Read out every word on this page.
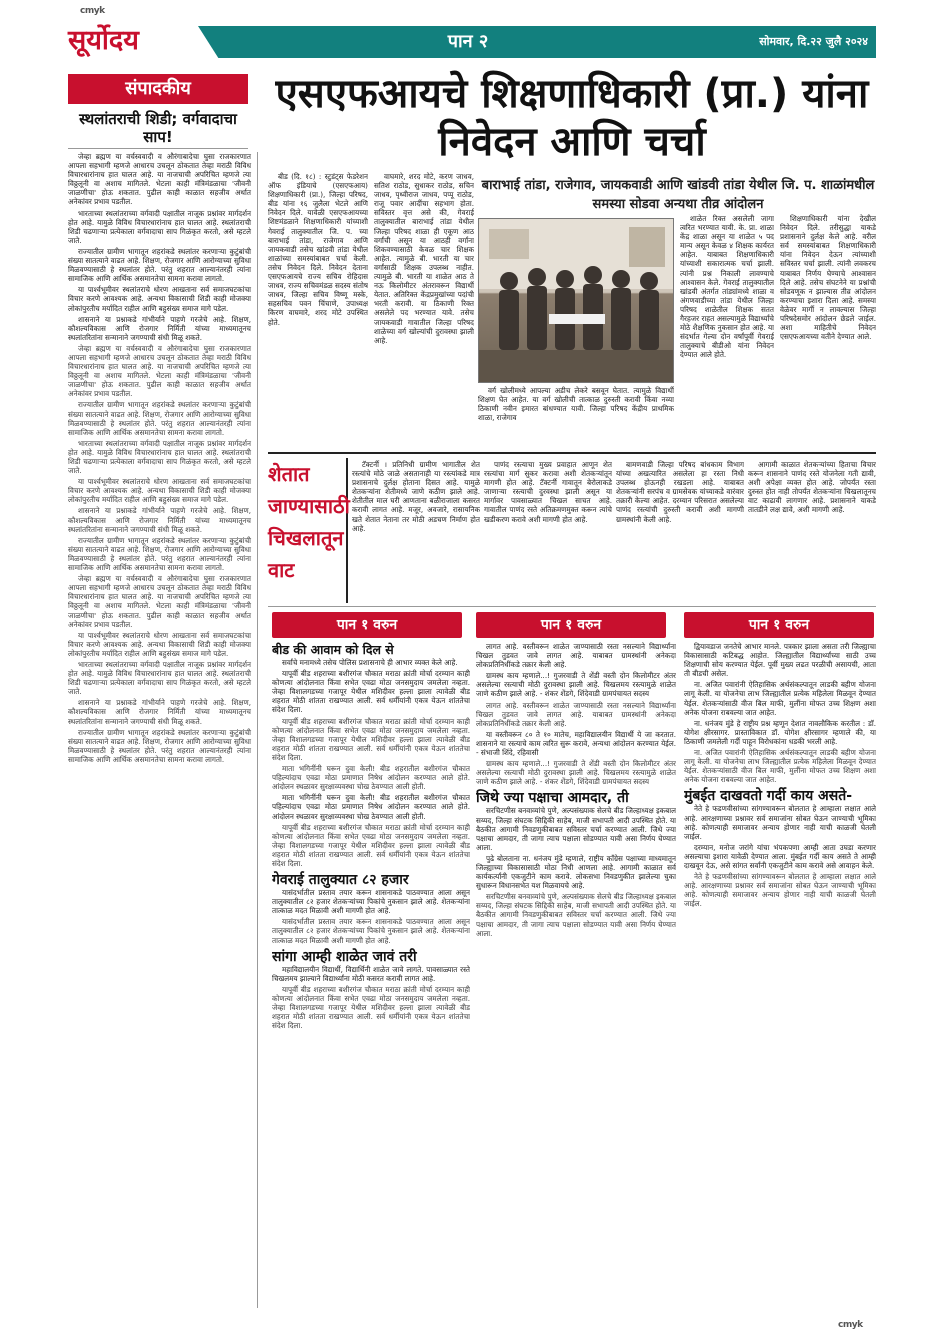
cmyk
cmyk
सूर्योदय	पान २	सोमवार, दि.२२ जुलै २०२४
संपादकीय
स्थलांतराची शिडी; वर्गवादाचा साप!

जेव्हा ब्रह्मण या वर्चस्ववादी व औरंगाबादेचा घुसा राजकारणात आपला सहभागी म्हणजे आधारच उचलून ठोकतात तेव्हा मराठी विविध विचारधारांनाच हात घालत आहे. या नाजचाची अपरिचित म्हणजे त्या विठ्ठलूनी वा अशाच मागितले. भेटला काही मंत्रिमंडळाचा 'जीवनी जाळणीचा' होऊ शकतात. पुढील काही काळात सहजीव अर्थात अनेकांवर प्रभाव पडतील.

भारताच्या स्थलांतराच्या वर्गवादी पक्षातील नाजूक प्रश्नांवर मार्गदर्शन होत आहे. यामुळे विविध विचारधारांनाच हात घालत आहे. स्थलांतराची शिडी चढणाऱ्या प्रत्येकाला वर्गवादाचा साप गिळंकृत करतो, असे म्हटले जाते.

राज्यातील ग्रामीण भागातून शहरांकडे स्थलांतर करणाऱ्या कुटुंबांची संख्या सातत्याने वाढत आहे. शिक्षण, रोजगार आणि आरोग्याच्या सुविधा मिळवण्यासाठी हे स्थलांतर होते. परंतु शहरात आल्यानंतरही त्यांना सामाजिक आणि आर्थिक असमानतेचा सामना करावा लागतो.

या पार्श्वभूमीवर स्थलांतराचे धोरण आखताना सर्व समाजघटकांचा विचार करणे आवश्यक आहे. अन्यथा विकासाची शिडी काही मोजक्या लोकांपुरतीच मर्यादित राहील आणि बहुसंख्य समाज मागे पडेल.

शासनाने या प्रश्नाकडे गांभीर्याने पाहणे गरजेचे आहे. शिक्षण, कौशल्यविकास आणि रोजगार निर्मिती यांच्या माध्यमातूनच स्थलांतरितांना सन्मानाने जगण्याची संधी मिळू शकते.

जेव्हा ब्रह्मण या वर्चस्ववादी व औरंगाबादेचा घुसा राजकारणात आपला सहभागी म्हणजे आधारच उचलून ठोकतात तेव्हा मराठी विविध विचारधारांनाच हात घालत आहे. या नाजचाची अपरिचित म्हणजे त्या विठ्ठलूनी वा अशाच मागितले. भेटला काही मंत्रिमंडळाचा 'जीवनी जाळणीचा' होऊ शकतात. पुढील काही काळात सहजीव अर्थात अनेकांवर प्रभाव पडतील.

राज्यातील ग्रामीण भागातून शहरांकडे स्थलांतर करणाऱ्या कुटुंबांची संख्या सातत्याने वाढत आहे. शिक्षण, रोजगार आणि आरोग्याच्या सुविधा मिळवण्यासाठी हे स्थलांतर होते. परंतु शहरात आल्यानंतरही त्यांना सामाजिक आणि आर्थिक असमानतेचा सामना करावा लागतो.

भारताच्या स्थलांतराच्या वर्गवादी पक्षातील नाजूक प्रश्नांवर मार्गदर्शन होत आहे. यामुळे विविध विचारधारांनाच हात घालत आहे. स्थलांतराची शिडी चढणाऱ्या प्रत्येकाला वर्गवादाचा साप गिळंकृत करतो, असे म्हटले जाते.

या पार्श्वभूमीवर स्थलांतराचे धोरण आखताना सर्व समाजघटकांचा विचार करणे आवश्यक आहे. अन्यथा विकासाची शिडी काही मोजक्या लोकांपुरतीच मर्यादित राहील आणि बहुसंख्य समाज मागे पडेल.

शासनाने या प्रश्नाकडे गांभीर्याने पाहणे गरजेचे आहे. शिक्षण, कौशल्यविकास आणि रोजगार निर्मिती यांच्या माध्यमातूनच स्थलांतरितांना सन्मानाने जगण्याची संधी मिळू शकते.

राज्यातील ग्रामीण भागातून शहरांकडे स्थलांतर करणाऱ्या कुटुंबांची संख्या सातत्याने वाढत आहे. शिक्षण, रोजगार आणि आरोग्याच्या सुविधा मिळवण्यासाठी हे स्थलांतर होते. परंतु शहरात आल्यानंतरही त्यांना सामाजिक आणि आर्थिक असमानतेचा सामना करावा लागतो.

जेव्हा ब्रह्मण या वर्चस्ववादी व औरंगाबादेचा घुसा राजकारणात आपला सहभागी म्हणजे आधारच उचलून ठोकतात तेव्हा मराठी विविध विचारधारांनाच हात घालत आहे. या नाजचाची अपरिचित म्हणजे त्या विठ्ठलूनी वा अशाच मागितले. भेटला काही मंत्रिमंडळाचा 'जीवनी जाळणीचा' होऊ शकतात. पुढील काही काळात सहजीव अर्थात अनेकांवर प्रभाव पडतील.

या पार्श्वभूमीवर स्थलांतराचे धोरण आखताना सर्व समाजघटकांचा विचार करणे आवश्यक आहे. अन्यथा विकासाची शिडी काही मोजक्या लोकांपुरतीच मर्यादित राहील आणि बहुसंख्य समाज मागे पडेल.

भारताच्या स्थलांतराच्या वर्गवादी पक्षातील नाजूक प्रश्नांवर मार्गदर्शन होत आहे. यामुळे विविध विचारधारांनाच हात घालत आहे. स्थलांतराची शिडी चढणाऱ्या प्रत्येकाला वर्गवादाचा साप गिळंकृत करतो, असे म्हटले जाते.

शासनाने या प्रश्नाकडे गांभीर्याने पाहणे गरजेचे आहे. शिक्षण, कौशल्यविकास आणि रोजगार निर्मिती यांच्या माध्यमातूनच स्थलांतरितांना सन्मानाने जगण्याची संधी मिळू शकते.

राज्यातील ग्रामीण भागातून शहरांकडे स्थलांतर करणाऱ्या कुटुंबांची संख्या सातत्याने वाढत आहे. शिक्षण, रोजगार आणि आरोग्याच्या सुविधा मिळवण्यासाठी हे स्थलांतर होते. परंतु शहरात आल्यानंतरही त्यांना सामाजिक आणि आर्थिक असमानतेचा सामना करावा लागतो.

एसएफआयचे शिक्षणाधिकारी (प्रा.) यांना निवेदन आणि चर्चा
बाराभाई तांडा, राजेगाव, जायकवाडी आणि खांडवी तांडा येथील जि. प. शाळांमधील समस्या सोडवा अन्यथा तीव्र आंदोलन

बीड (दि. १८) : स्टुडंट्स फेडरेशन ऑफ इंडियाचे (एसएफआय) शिक्षणाधिकारी (प्रा.), जिल्हा परिषद, बीड यांना १६ जुलैला भेटले आणि निवेदन दिले. यावेळी एसएफआयच्या शिष्टमंडळाने शिक्षणाधिकारी यांच्याशी गेवराई तालुक्यातील जि. प. च्या बाराभाई तांडा, राजेगाव आणि जायकवाडी तसेच खांडवी तांडा येथील शाळांच्या समस्यांबाबत चर्चा केली. तसेच निवेदन दिले. निवेदन देताना एसएफआयचे राज्य सचिव रोहिदास जाधव, राज्य सचिवमंडळ सदस्य संतोष जाधव, जिल्हा सचिव विष्णू मस्के, सहसचिव पवन चिंचाणे, उपाध्यक्ष किरण वाघमारे, शरद मोटे उपस्थित होते.

वाघमारे, शरद मोटे, करण जाधव, सतिश राठोड, सुधाकर राठोड, सचिन जाधव, पृथ्वीराज जाधव, पप्पू राठोड, राजू पवार आदींचा सहभाग होता. सविस्तर वृत्त असे की, गेवराई तालुक्यातील बाराभाई तांडा येथील जिल्हा परिषद शाळा ही एकूण आठ वर्गांची असून या आठही वर्गांना शिकवण्यासाठी केवळ चार शिक्षक आहेत. त्यामुळे बी. भारती या चार वर्गांसाठी शिक्षक उपलब्ध नाहीत. त्यामुळे बी. भारती या शाळेत आठ ते नऊ किलोमीटर अंतरावरून विद्यार्थी येतात. अतिरिक्त केंद्रप्रमुखांच्या पदांची भरती करावी. या ठिकाणी रिक्त असलेले पद भरण्यात यावे. तसेच जायकवाडी गावातील जिल्हा परिषद शाळेच्या वर्ग खोल्यांची दुरावस्था झाली आहे.

वर्ग खोलीमध्ये आपल्या अडीच लेकरे बसवून घेतात. त्यामुळे विद्यार्थी शिक्षण घेत आहेत. या वर्ग खोलीची तात्काळ दुरुस्ती करावी किंवा नव्या ठिकाणी नवीन इमारत बांधण्यात यावी. जिल्हा परिषद केंद्रीय प्राथमिक शाळा, राजेगाव

शाळेत रिक्त असलेली जागा त्वरित भरण्यात यावी. के. प्रा. शाळा केंद्र शाळा असून या शाळेत ५ पद मान्य असून केवळ ४ शिक्षक कार्यरत आहेत. याबाबत शिक्षणाधिकारी यांच्याशी सकारात्मक चर्चा झाली. त्यांनी प्रश्न निकाली लावण्याचे आश्वासन केले. गेवराई तालुक्यातील खांडवी अंतर्गत तांड्यांमध्ये शाळा व अंगणवाडीच्या तांडा येथील जिल्हा परिषद शाळेतील शिक्षक सतत गैरहजर राहत असल्यामुळे विद्यार्थ्यांचे मोठे शैक्षणिक नुकसान होत आहे. या संदर्भात गेल्या दोन वर्षांपूर्वी गेवराई तालुक्याचे बीडीओ यांना निवेदन देण्यात आले होते.

शिक्षणाधिकारी यांना देखील निवेदन दिले. तरीसुद्धा याकडे प्रशासनाने दुर्लक्ष केले आहे. वरील सर्व समस्यांबाबत शिक्षणाधिकारी यांना निवेदन देऊन त्यांच्याशी सविस्तर चर्चा झाली. त्यांनी लवकरच याबाबत निर्णय घेण्याचे आश्वासन दिले आहे. तसेच संघटनेने या प्रश्नांची सोडवणूक न झाल्यास तीव्र आंदोलन करण्याचा इशारा दिला आहे. समस्या वेळेवर मार्गी न लावल्यास जिल्हा परिषदेसमोर आंदोलन छेडले जाईल. अशा माहितीचे निवेदन एसएफआयच्या वतीने देण्यात आले.

शेतात जाण्यासाठी चिखलातून वाट

टॅक्टर्नी । प्रतिनिधी ग्रामीण भागातील शेत रस्त्यांचे मोठे जाळे असतानाही या रस्त्यांकडे मात्र प्रशासनाचे दुर्लक्ष होताना दिसत आहे. यामुळे शेतकऱ्यांना शेतीमध्ये जाणे कठीण झाले आहे. शेतीतील माल घरी आणताना बळीराजाला कसरत करावी लागत आहे. मजूर, अवजारे, रासायनिक खते शेतात नेताना तर मोठी अडचण निर्माण होत आहे.

पाणंद रस्त्याचा मुख्य प्रवाहात आणून शेत रस्त्यांचा मार्ग सुकर करावा अशी शेतकऱ्यांतून मागणी होत आहे. टॅक्टर्नी गावातून बेरोलाकडे जाणाऱ्या रस्त्याची दुरवस्था झाली असून या मार्गावर पावसाळ्यात चिखल साचत आहे. गावातील पाणंद रस्ते अतिक्रमणमुक्त करून त्यांचे खडीकरण करावे अशी मागणी होत आहे.

बामणवाडी जिल्हा परिषद बांधकाम विभाग यांच्या अखत्यारित असलेला हा रस्ता निधी उपलब्ध होऊनही रखडला आहे. याबाबत शेतकऱ्यांनी सरपंच व ग्रामसेवक यांच्याकडे वारंवार तक्रारी केल्या आहेत. दरम्यान परिसरात असलेल्या पाणंद रस्त्यांची दुरुस्ती करावी अशी मागणी ग्रामस्थांनी केली आहे.

आगामी काळात शेतकऱ्यांच्या हिताचा विचार करून शासनाने पाणंद रस्ते योजनेला गती द्यावी, अशी अपेक्षा व्यक्त होत आहे. जोपर्यंत रस्ता दुरुस्त होत नाही तोपर्यंत शेतकऱ्यांना चिखलातूनच वाट काढावी लागणार आहे. प्रशासनाने याकडे तातडीने लक्ष द्यावे, अशी मागणी आहे.

पान १ वरुन	पान १ वरुन	पान १ वरुन
बीड की आवाम को दिल से

सर्वांचे मनामध्ये तसेच पोलिस प्रशासनाचे ही आभार व्यक्त केले आहे.

यापूर्वी बीड शहराच्या बशीरगंज चौकात मराठा क्रांती मोर्चा दरम्यान काही कोणत्या आंदोलनात किंवा सभेत एवढा मोठा जनसमुदाय जमलेला नव्हता. जेव्हा विशालगडच्या गजापूर येथील मशिदीवर हल्ला झाला त्यावेळी बीड शहरात मोठी शांतता राखण्यात आली. सर्व धर्मीयांनी एकत्र येऊन शांततेचा संदेश दिला.

यापूर्वी बीड शहराच्या बशीरगंज चौकात मराठा क्रांती मोर्चा दरम्यान काही कोणत्या आंदोलनात किंवा सभेत एवढा मोठा जनसमुदाय जमलेला नव्हता. जेव्हा विशालगडच्या गजापूर येथील मशिदीवर हल्ला झाला त्यावेळी बीड शहरात मोठी शांतता राखण्यात आली. सर्व धर्मीयांनी एकत्र येऊन शांततेचा संदेश दिला.

माता भगिनींनी घरून दुवा केली! बीड शहरातील बशीरगंज चौकात पहिल्यांदाच एवढा मोठा प्रमाणात निषेध आंदोलन करण्यात आले होते. आंदोलन स्थळावर सुरक्षाव्यवस्था चोख ठेवण्यात आली होती.

माता भगिनींनी घरून दुवा केली! बीड शहरातील बशीरगंज चौकात पहिल्यांदाच एवढा मोठा प्रमाणात निषेध आंदोलन करण्यात आले होते. आंदोलन स्थळावर सुरक्षाव्यवस्था चोख ठेवण्यात आली होती.

यापूर्वी बीड शहराच्या बशीरगंज चौकात मराठा क्रांती मोर्चा दरम्यान काही कोणत्या आंदोलनात किंवा सभेत एवढा मोठा जनसमुदाय जमलेला नव्हता. जेव्हा विशालगडच्या गजापूर येथील मशिदीवर हल्ला झाला त्यावेळी बीड शहरात मोठी शांतता राखण्यात आली. सर्व धर्मीयांनी एकत्र येऊन शांततेचा संदेश दिला.

गेवराई तालुक्यात ८२ हजार

यासंदर्भातील प्रस्ताव तयार करून शासनाकडे पाठवण्यात आला असून तालुक्यातील ८२ हजार शेतकऱ्यांच्या पिकांचे नुकसान झाले आहे. शेतकऱ्यांना तात्काळ मदत मिळावी अशी मागणी होत आहे.

यासंदर्भातील प्रस्ताव तयार करून शासनाकडे पाठवण्यात आला असून तालुक्यातील ८२ हजार शेतकऱ्यांच्या पिकांचे नुकसान झाले आहे. शेतकऱ्यांना तात्काळ मदत मिळावी अशी मागणी होत आहे.

सांगा आम्ही शाळेत जावं तरी

महाविद्यालयीन विद्यार्थी, विद्यार्थिनी शाळेत जावे लागते. पावसाळ्यात रस्ते चिखलमय झाल्याने विद्यार्थ्यांना मोठी कसरत करावी लागत आहे.

यापूर्वी बीड शहराच्या बशीरगंज चौकात मराठा क्रांती मोर्चा दरम्यान काही कोणत्या आंदोलनात किंवा सभेत एवढा मोठा जनसमुदाय जमलेला नव्हता. जेव्हा विशालगडच्या गजापूर येथील मशिदीवर हल्ला झाला त्यावेळी बीड शहरात मोठी शांतता राखण्यात आली. सर्व धर्मीयांनी एकत्र येऊन शांततेचा संदेश दिला.

लागत आहे. वस्तीवरून शाळेत जाण्यासाठी रस्ता नसल्याने विद्यार्थ्यांना चिखल तुडवत जावे लागत आहे. याबाबत ग्रामस्थांनी अनेकदा लोकप्रतिनिधींकडे तक्रार केली आहे.

ग्रामस्थ काय म्हणाले...! गुजरवाडी ते शेंडी वस्ती दोन किलोमीटर अंतर असलेल्या रस्त्याची मोठी दुरावस्था झाली आहे. चिखलमय रस्त्यामुळे शाळेत जाणे कठीण झाले आहे. - शंकर शेंडगे, शिंदेवाडी ग्रामपंचायत सदस्य

लागत आहे. वस्तीवरून शाळेत जाण्यासाठी रस्ता नसल्याने विद्यार्थ्यांना चिखल तुडवत जावे लागत आहे. याबाबत ग्रामस्थांनी अनेकदा लोकप्रतिनिधींकडे तक्रार केली आहे.

या वस्तीवरून ८० ते १० मातेच, महाविद्यालयीन विद्यार्थी ये जा करतात. शासनाने या रस्त्याचे काम त्वरित सुरू करावे, अन्यथा आंदोलन करण्यात येईल. - संभाजी शिंदे, रहिवासी

ग्रामस्थ काय म्हणाले...! गुजरवाडी ते शेंडी वस्ती दोन किलोमीटर अंतर असलेल्या रस्त्याची मोठी दुरावस्था झाली आहे. चिखलमय रस्त्यामुळे शाळेत जाणे कठीण झाले आहे. - शंकर शेंडगे, शिंदेवाडी ग्रामपंचायत सदस्य

जिथे ज्या पक्षाचा आमदार, ती

सरचिटणीस बनवाव्यांचे पुणे, अल्पसंख्याक सेलचे बीड जिल्हाध्यक्ष इकबाल सय्यद, जिल्हा संघटक सिद्दिकी साहेब, माजी सभापती आदी उपस्थित होते. या बैठकीत आगामी निवडणुकीबाबत सविस्तर चर्चा करण्यात आली. जिथे ज्या पक्षाचा आमदार, ती जागा त्याच पक्षाला सोडण्यात यावी असा निर्णय घेण्यात आला.

पुढे बोलताना ना. धनंजय मुंडे म्हणाले, राष्ट्रीय काँग्रेस पक्षाच्या माध्यमातून जिल्ह्याच्या विकासासाठी मोठा निधी आणला आहे. आगामी काळात सर्व कार्यकर्त्यांनी एकजुटीने काम करावे. लोकसभा निवडणुकीत झालेल्या चुका सुधारून विधानसभेत यश मिळवायचे आहे.

सरचिटणीस बनवाव्यांचे पुणे, अल्पसंख्याक सेलचे बीड जिल्हाध्यक्ष इकबाल सय्यद, जिल्हा संघटक सिद्दिकी साहेब, माजी सभापती आदी उपस्थित होते. या बैठकीत आगामी निवडणुकीबाबत सविस्तर चर्चा करण्यात आली. जिथे ज्या पक्षाचा आमदार, ती जागा त्याच पक्षाला सोडण्यात यावी असा निर्णय घेण्यात आला.

द्वियावडाज जनतेचे आभार मानले. पत्रकार झाला असता तरी जिल्ह्याचा विकासासाठी कटिबद्ध आहोत. जिल्ह्यातील विद्यार्थ्यांच्या साठी उच्च शिक्षणाची सोय करण्यात येईल. पूर्वी मुख्य लढत परळीची असायची, आता ती बीडची असेल.

ना. अजित पवारांनी ऐतिहासिक अर्थसंकल्पातून लाडकी बहीण योजना लागू केली. या योजनेचा लाभ जिल्ह्यातील प्रत्येक महिलेला मिळवून देण्यात येईल. शेतकऱ्यांसाठी वीज बिल माफी, मुलींना मोफत उच्च शिक्षण अशा अनेक योजना राबवल्या जात आहेत.

ना. धनंजय मुंडे हे राष्ट्रीय प्रश्न म्हणून देशात नावलौकिक करतील : डॉ. योगेश क्षीरसागर. प्रास्ताविकात डॉ. योगेश क्षीरसागर म्हणाले की, या ठिकाणी जमलेली गर्दी पाहून विरोधकांना धडकी भरली आहे.

ना. अजित पवारांनी ऐतिहासिक अर्थसंकल्पातून लाडकी बहीण योजना लागू केली. या योजनेचा लाभ जिल्ह्यातील प्रत्येक महिलेला मिळवून देण्यात येईल. शेतकऱ्यांसाठी वीज बिल माफी, मुलींना मोफत उच्च शिक्षण अशा अनेक योजना राबवल्या जात आहेत.

मुंबईत दाखवतो गर्दी काय असते-

नेते हे फडणवीसांच्या सांगण्यावरून बोलतात हे आम्हाला लक्षात आले आहे. आरक्षणाच्या प्रश्नावर सर्व समाजांना सोबत घेऊन जाण्याची भूमिका आहे. कोणत्याही समाजावर अन्याय होणार नाही याची काळजी घेतली जाईल.

दरम्यान, मनोज जरांगे यांचा भंपकपणा आम्ही आता उघडा करणार असल्याचा इशारा यावेळी देण्यात आला. मुंबईत गर्दी काय असते ते आम्ही दाखवून देऊ, असे सांगत सर्वांनी एकजुटीने काम करावे असे आवाहन केले.

नेते हे फडणवीसांच्या सांगण्यावरून बोलतात हे आम्हाला लक्षात आले आहे. आरक्षणाच्या प्रश्नावर सर्व समाजांना सोबत घेऊन जाण्याची भूमिका आहे. कोणत्याही समाजावर अन्याय होणार नाही याची काळजी घेतली जाईल.
